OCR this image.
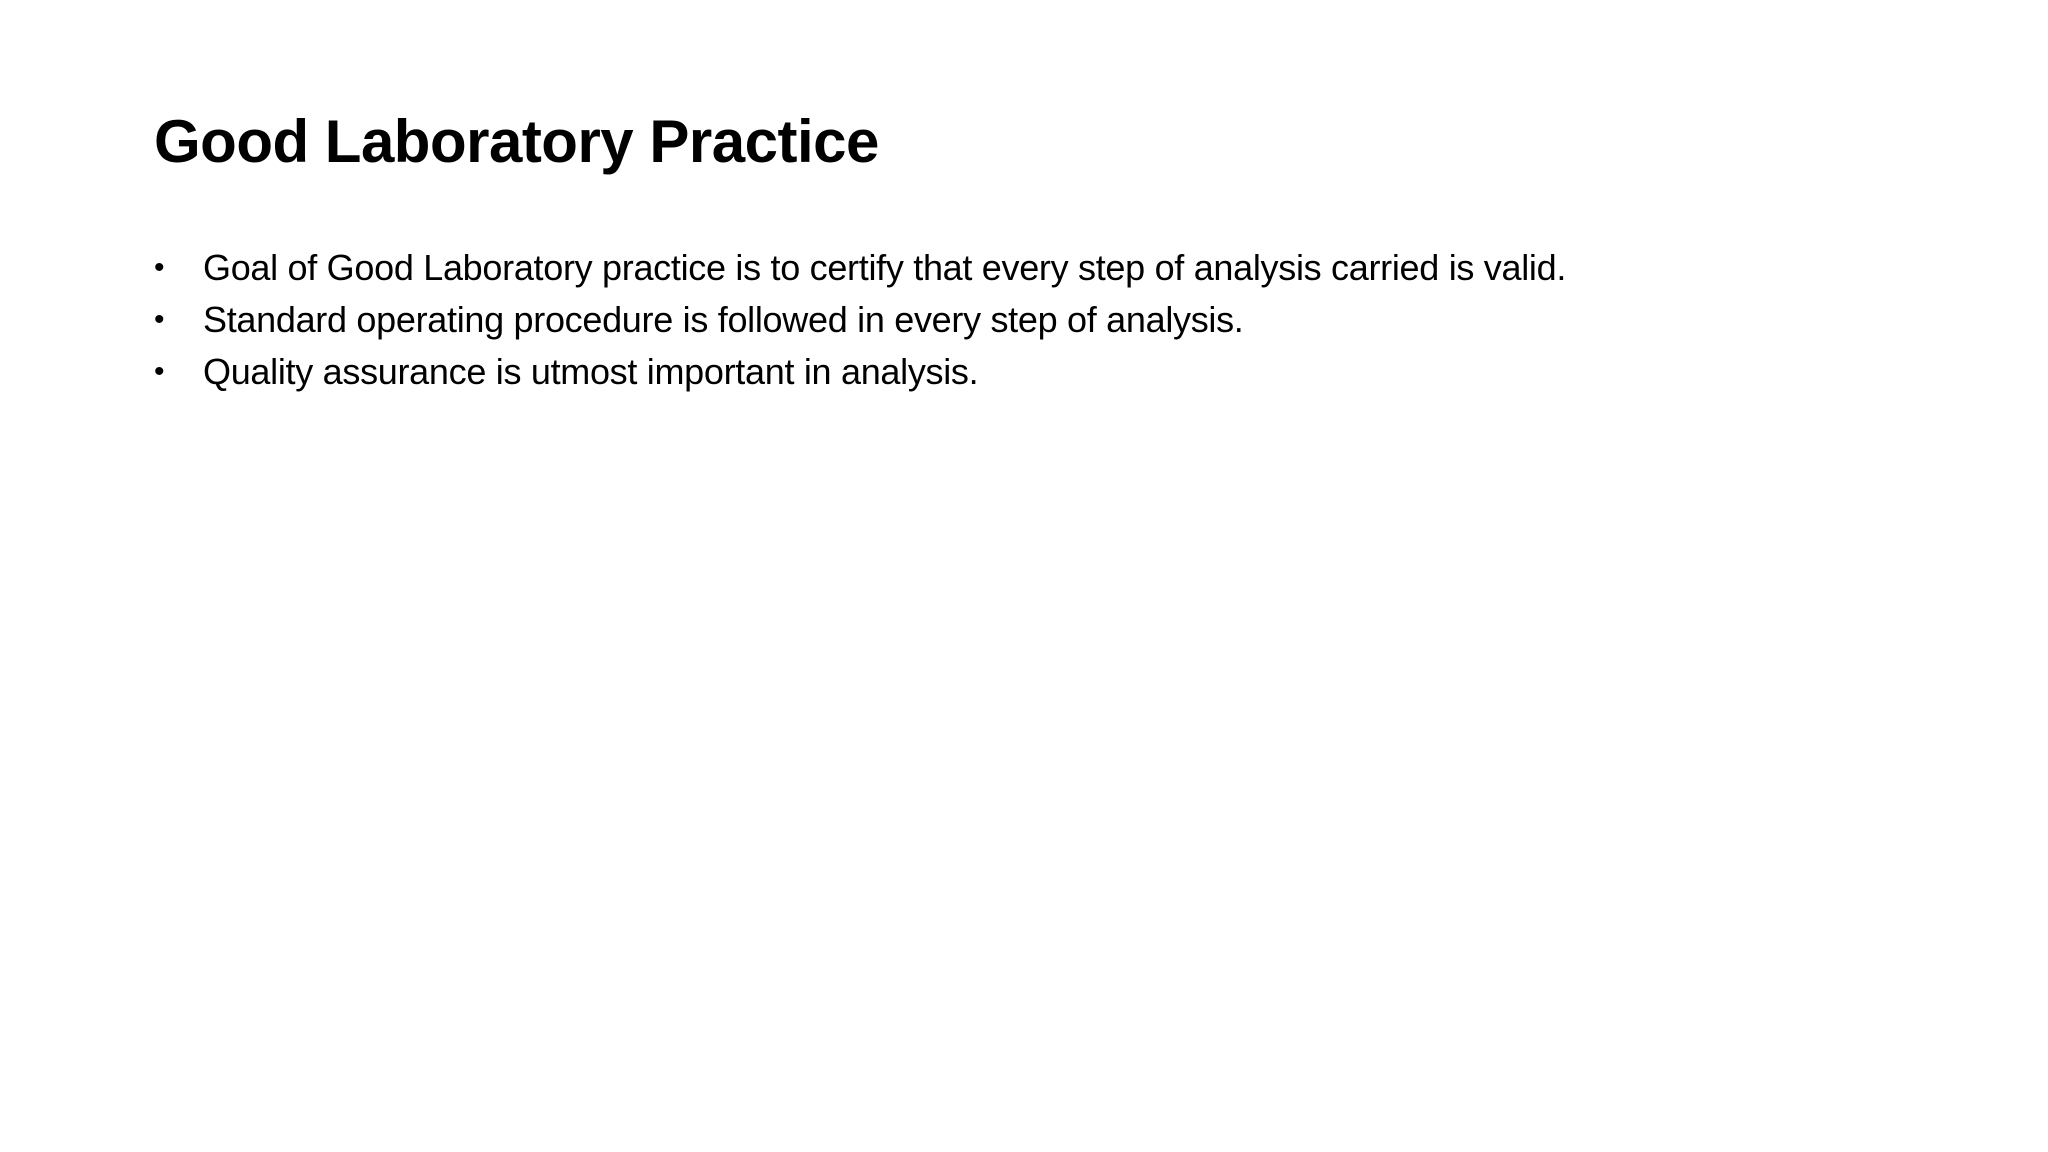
Good Laboratory Practice
• Goal of Good Laboratory practice is to certify that every step of analysis carried is valid.
• Standard operating procedure is followed in every step of analysis.
• Quality assurance is utmost important in analysis.
